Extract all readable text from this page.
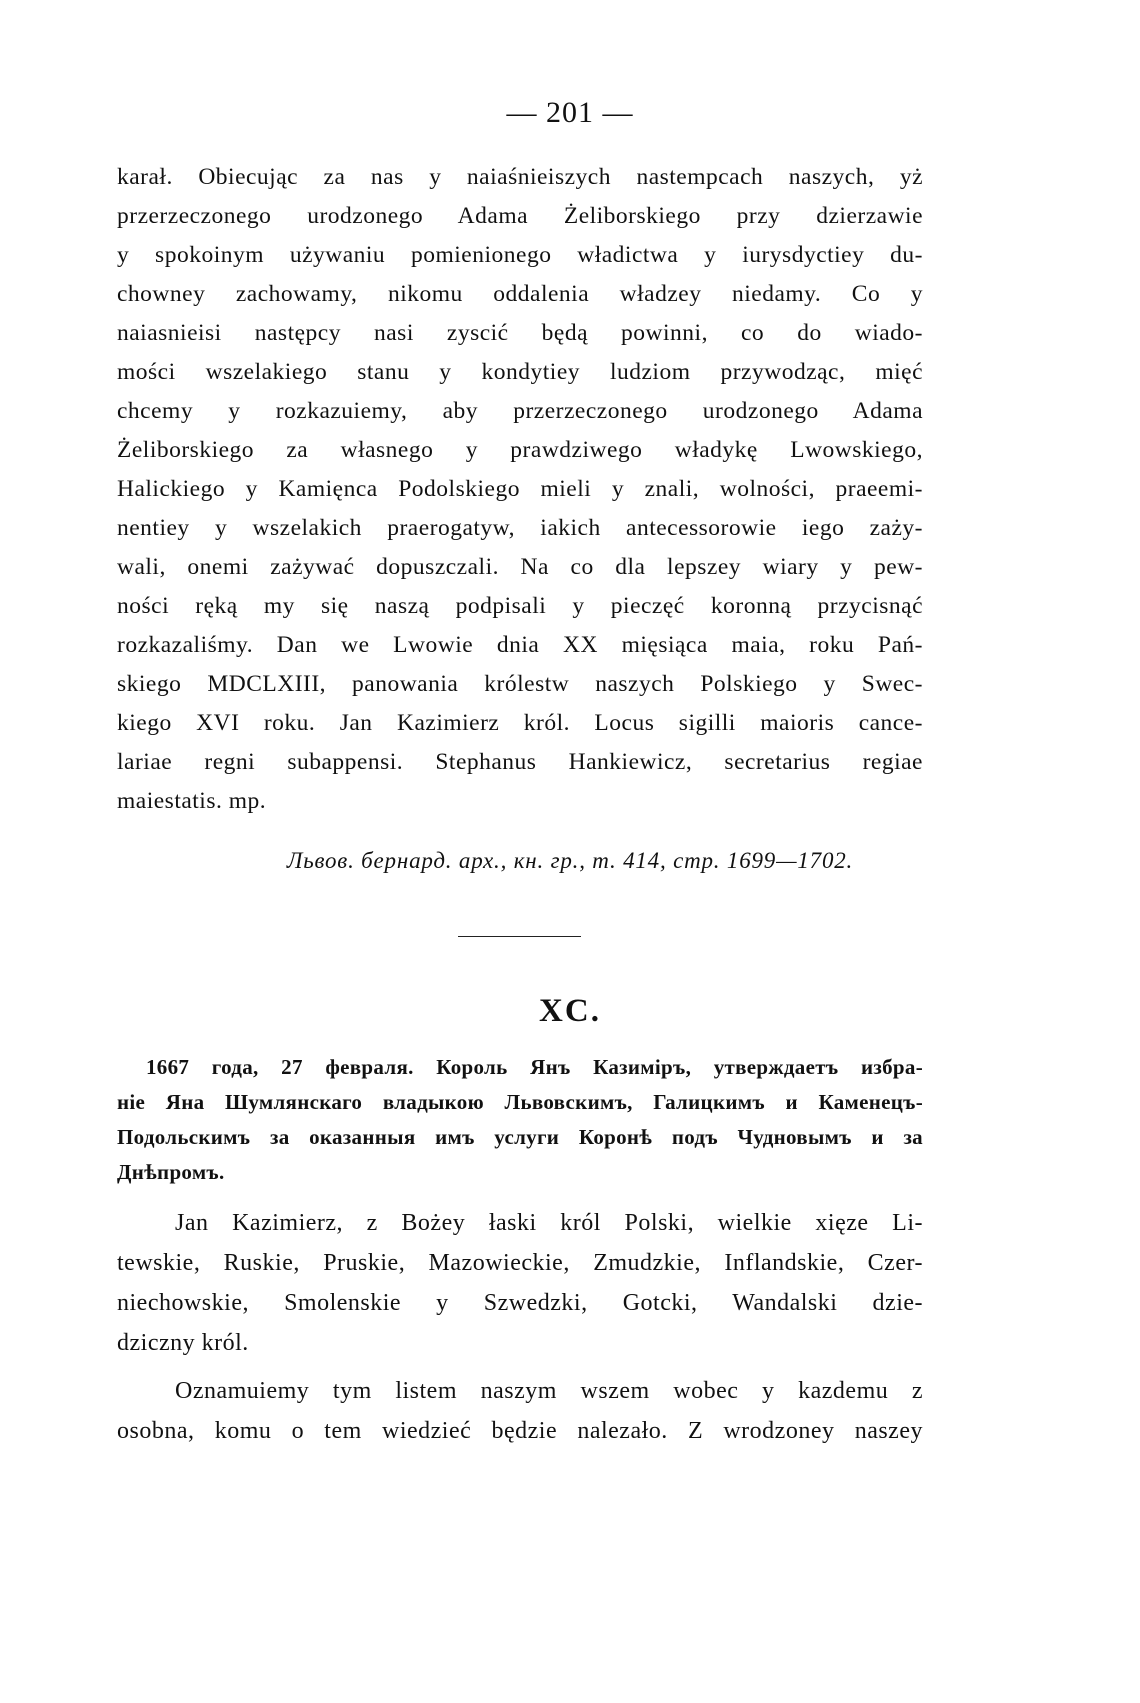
— 201 —
karał. Obiecując za nas y naiaśnieiszych nastempcach naszych, yż
przerzeczonego urodzonego Adama Żeliborskiego przy dzierzawie
y spokoinym używaniu pomienionego władictwa y iurysdyctiey du-
chowney zachowamy, nikomu oddalenia władzey niedamy. Co y
naiasnieisi następcy nasi zyscić będą powinni, co do wiado-
mości wszelakiego stanu y kondytiey ludziom przywodząc, mięć
chcemy y rozkazuiemy, aby przerzeczonego urodzonego Adama
Żeliborskiego za własnego y prawdziwego władykę Lwowskiego,
Halickiego y Kamięnca Podolskiego mieli y znali, wolności, praeemi-
nentiey y wszelakich praerogatyw, iakich antecessorowie iego zaży-
wali, onemi zażywać dopuszczali. Na co dla lepszey wiary y pew-
ności ręką my się naszą podpisali y pieczęć koronną przycisnąć
rozkazaliśmy. Dan we Lwowie dnia XX mięsiąca maia, roku Pań-
skiego MDCLXIII, panowania królestw naszych Polskiego y Swec-
kiego XVI roku. Jan Kazimierz król. Locus sigilli maioris cance-
lariae regni subappensi. Stephanus Hankiewicz, secretarius regiae
maiestatis. mp.
Львов. бернард. арх., кн. гр., т. 414, стр. 1699—1702.
XC.
1667 года, 27 февраля. Король Янъ Казиміръ, утверждаетъ избра-
ніе Яна Шумлянскаго владыкою Львовскимъ, Галицкимъ и Каменецъ-
Подольскимъ за оказанныя имъ услуги Коронѣ подъ Чудновымъ и за
Днѣпромъ.
Jan Kazimierz, z Bożey łaski król Polski, wielkie xięze Li-
tewskie, Ruskie, Pruskie, Mazowieckie, Zmudzkie, Inflandskie, Czer-
niechowskie, Smolenskie y Szwedzki, Gotcki, Wandalski dzie-
dziczny król.
Oznamuiemy tym listem naszym wszem wobec y kazdemu z
osobna, komu o tem wiedzieć będzie nalezało. Z wrodzoney naszey
